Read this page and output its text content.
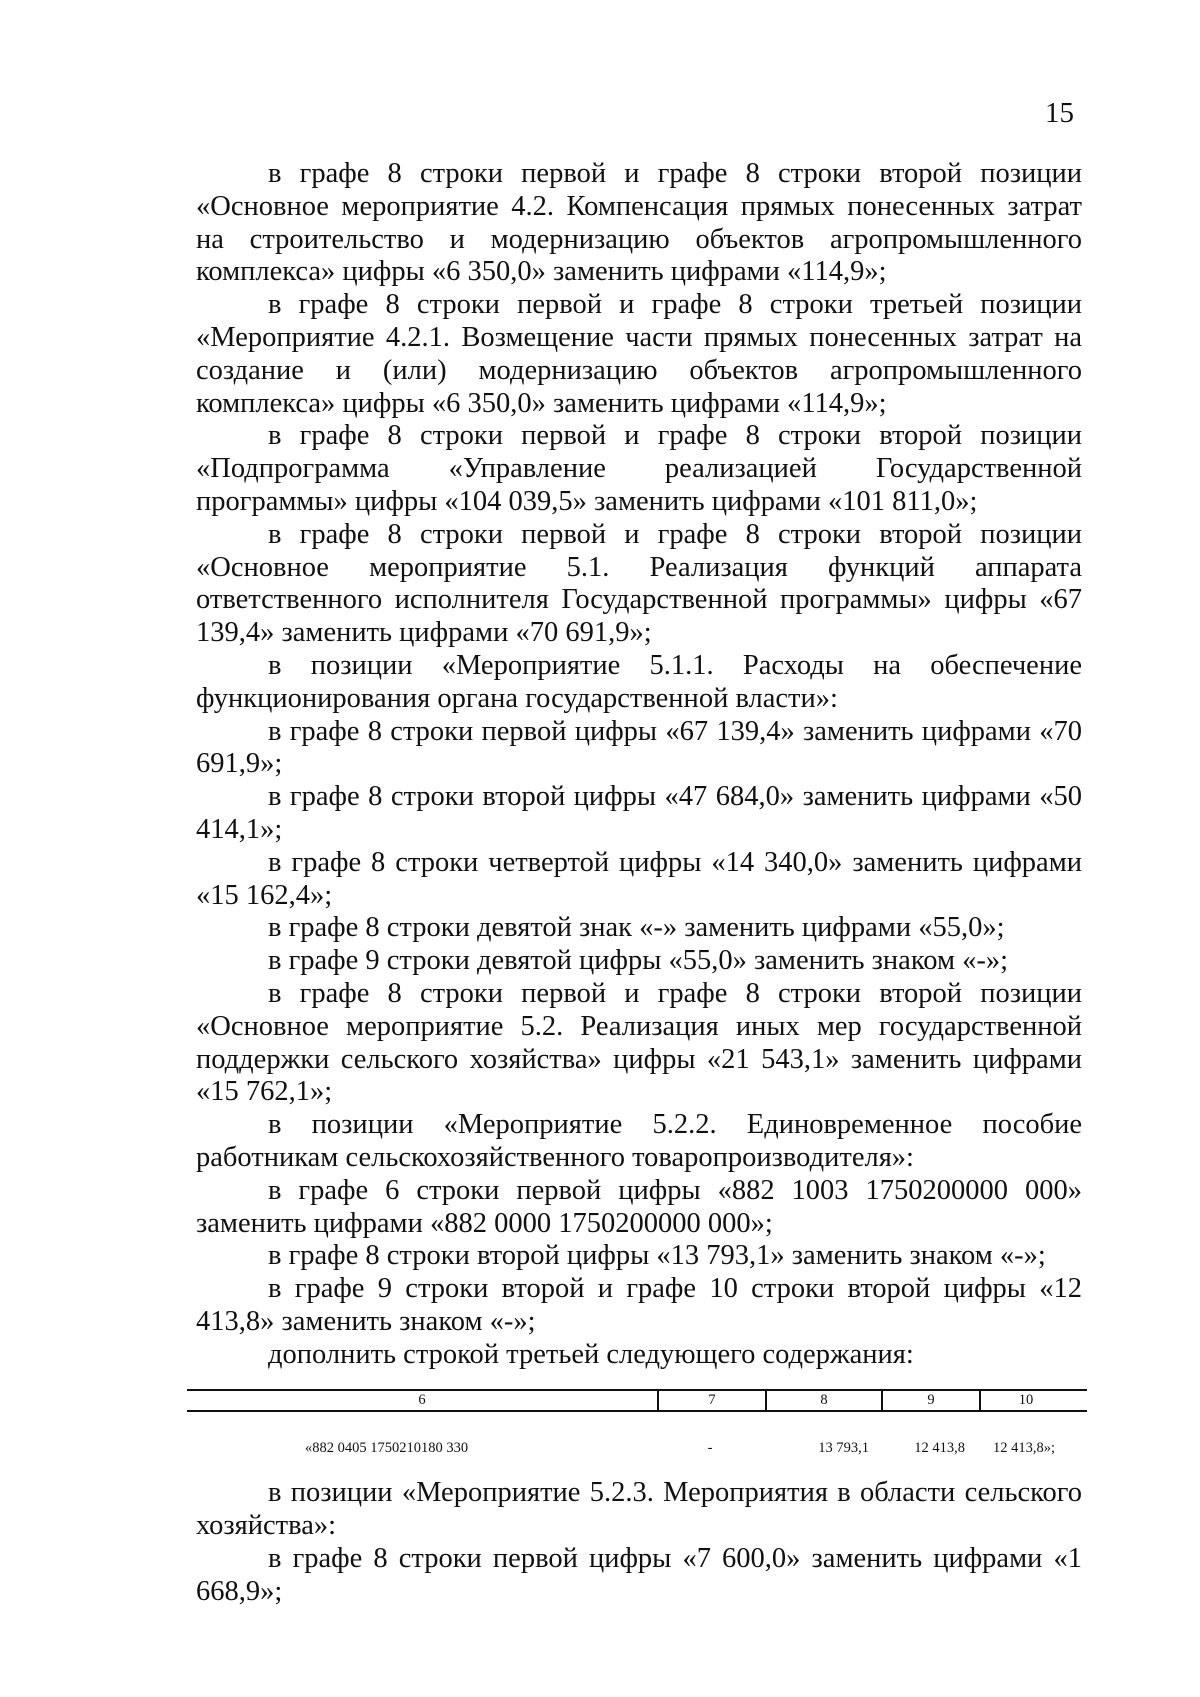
15

в графе 8 строки первой и графе 8 строки второй позиции «Основное мероприятие 4.2. Компенсация прямых понесенных затрат на строительство и модернизацию объектов агропромышленного комплекса» цифры «6 350,0» заменить цифрами «114,9»;

в графе 8 строки первой и графе 8 строки третьей позиции «Мероприятие 4.2.1. Возмещение части прямых понесенных затрат на создание и (или) модернизацию объектов агропромышленного комплекса» цифры «6 350,0» заменить цифрами «114,9»;

в графе 8 строки первой и графе 8 строки второй позиции «Подпрограмма «Управление реализацией Государственной программы» цифры «104 039,5» заменить цифрами «101 811,0»;

в графе 8 строки первой и графе 8 строки второй позиции «Основное мероприятие 5.1. Реализация функций аппарата ответственного исполнителя Государственной программы» цифры «67 139,4» заменить цифрами «70 691,9»;

в позиции «Мероприятие 5.1.1. Расходы на обеспечение функционирования органа государственной власти»:

в графе 8 строки первой цифры «67 139,4» заменить цифрами «70 691,9»;

в графе 8 строки второй цифры «47 684,0» заменить цифрами «50 414,1»;

в графе 8 строки четвертой цифры «14 340,0» заменить цифрами «15 162,4»;

в графе 8 строки девятой знак «-» заменить цифрами «55,0»;

в графе 9 строки девятой цифры «55,0» заменить знаком «-»;

в графе 8 строки первой и графе 8 строки второй позиции «Основное мероприятие 5.2. Реализация иных мер государственной поддержки сельского хозяйства» цифры «21 543,1» заменить цифрами «15 762,1»;

в позиции «Мероприятие 5.2.2. Единовременное пособие работникам сельскохозяйственного товаропроизводителя»:

в графе 6 строки первой цифры «882 1003 1750200000 000» заменить цифрами «882 0000 1750200000 000»;

в графе 8 строки второй цифры «13 793,1» заменить знаком «-»;

в графе 9 строки второй и графе 10 строки второй цифры «12 413,8» заменить знаком «-»;

дополнить строкой третьей следующего содержания:

6	7	8	9	10
«882 0405 1750210180 330	-	13 793,1	12 413,8	12 413,8»;

в позиции «Мероприятие 5.2.3. Мероприятия в области сельского хозяйства»:

в графе 8 строки первой цифры «7 600,0» заменить цифрами «1 668,9»;
